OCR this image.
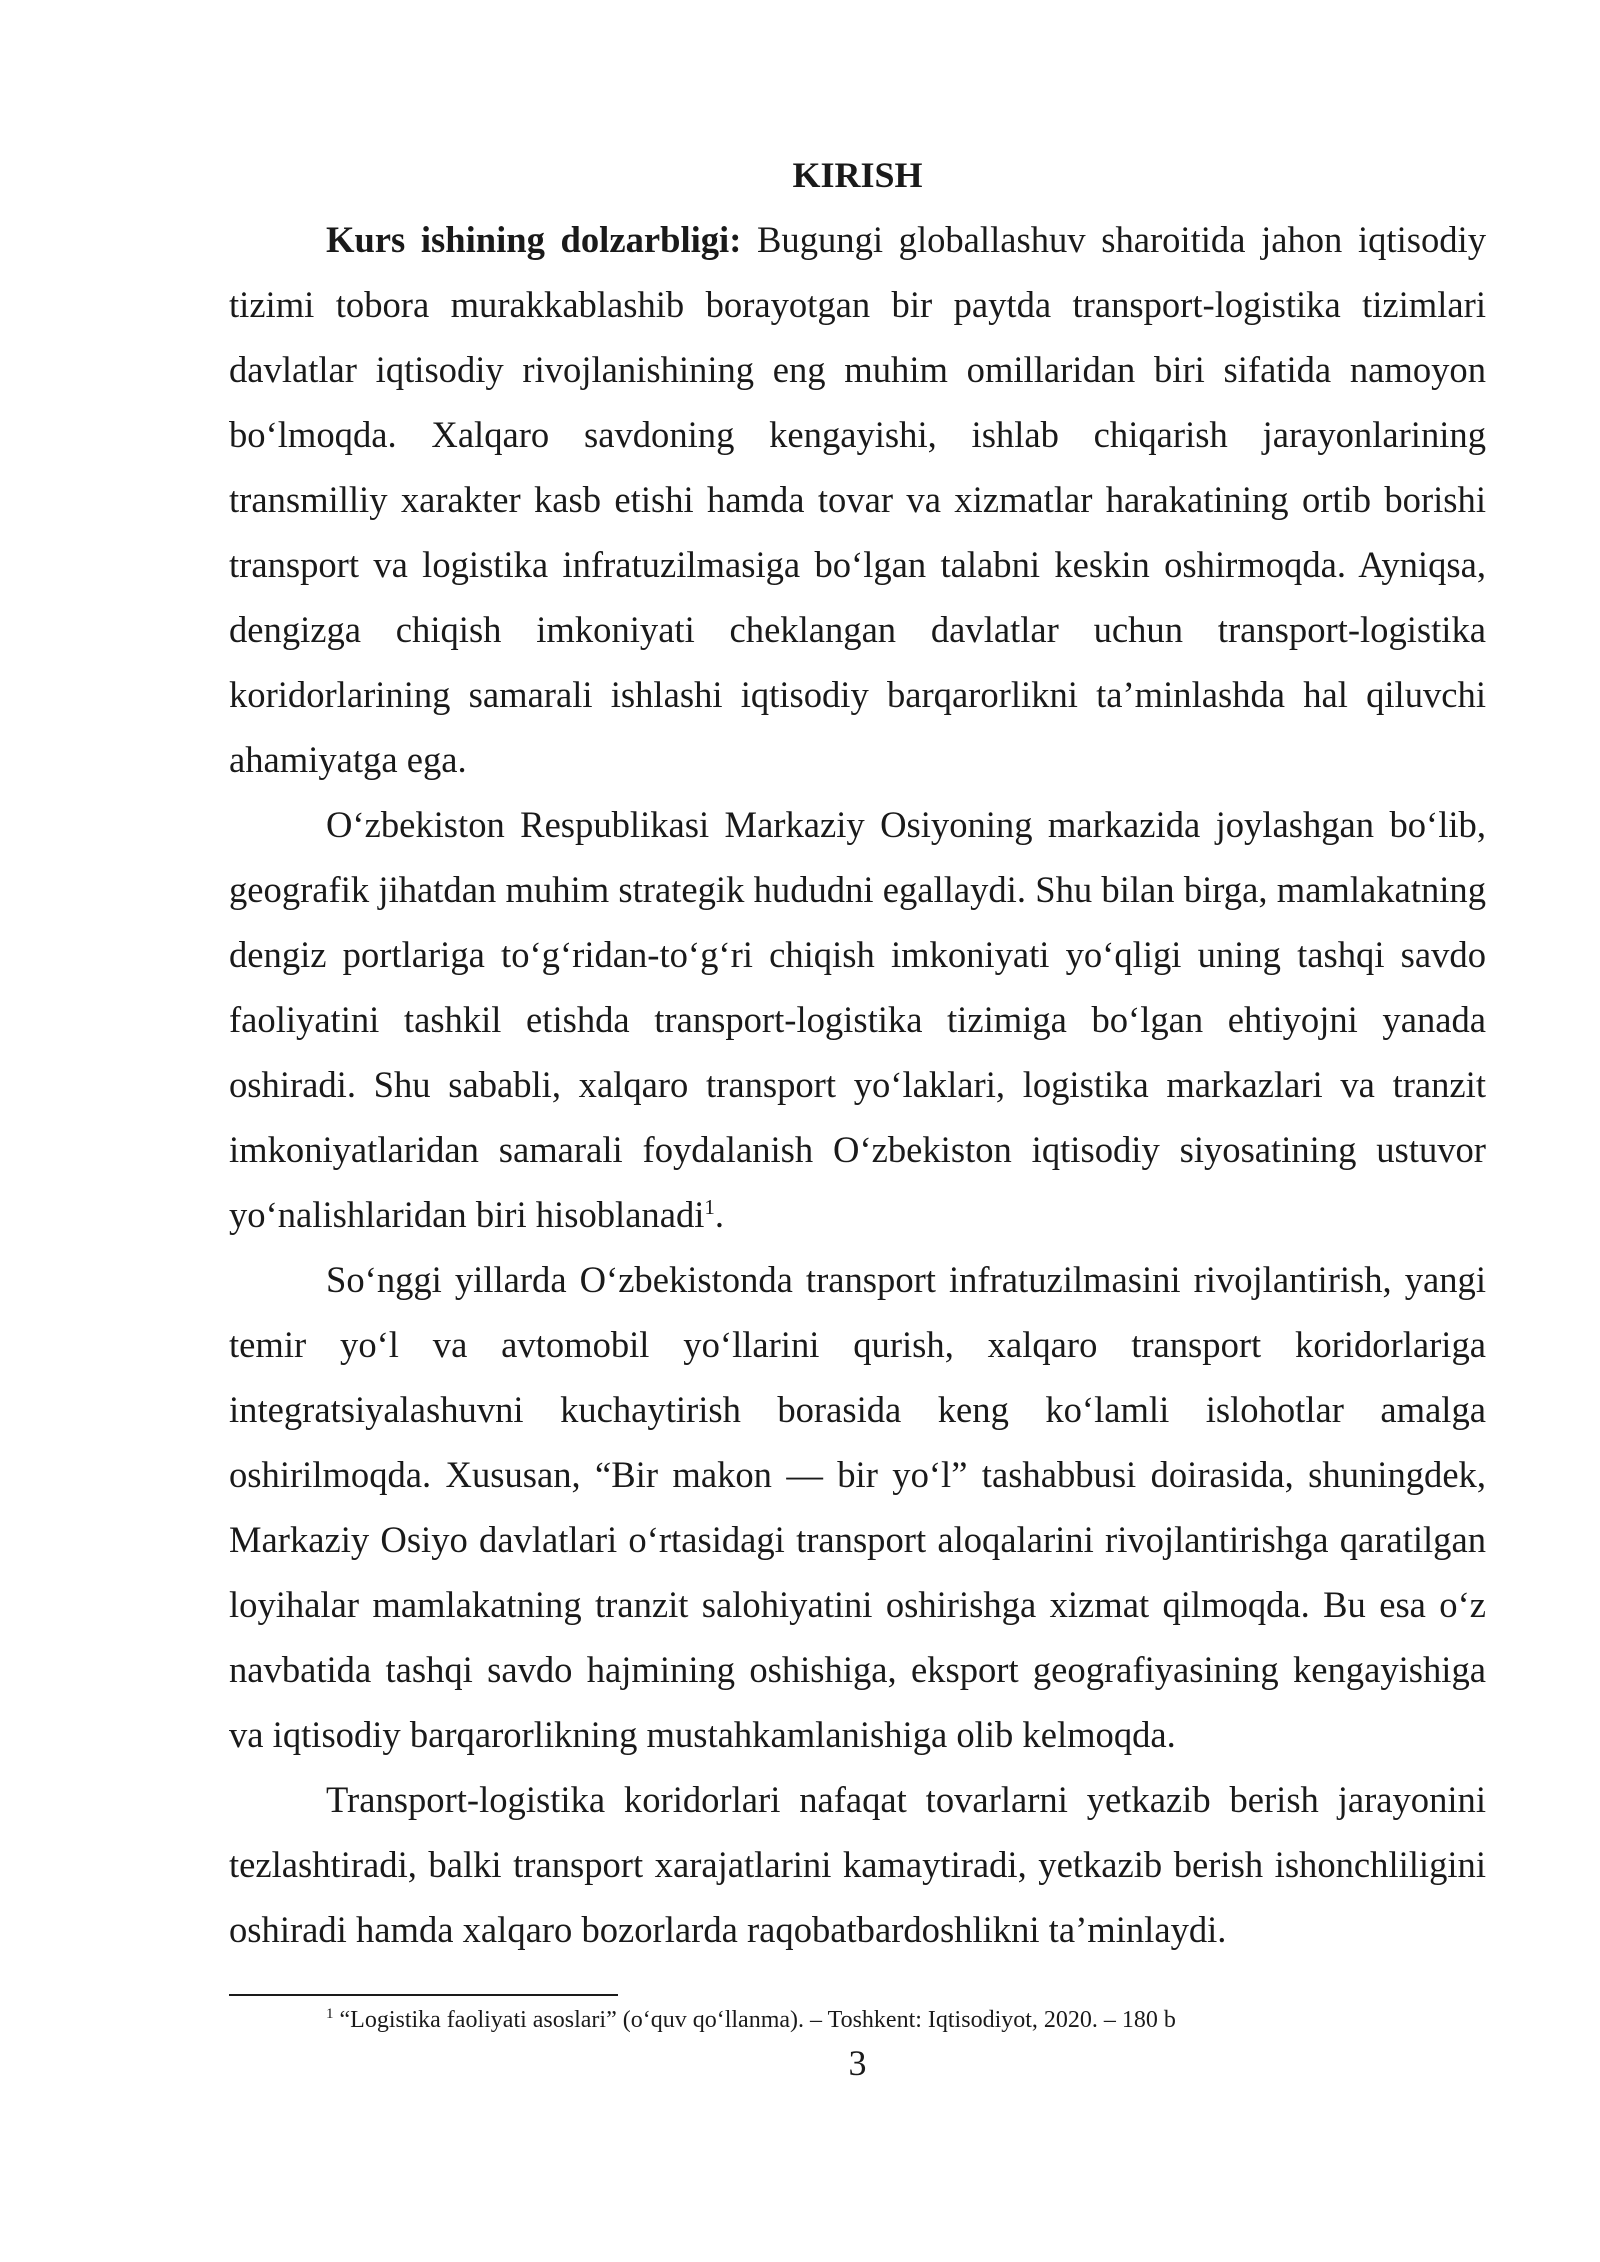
KIRISH

Kurs ishining dolzarbligi: Bugungi globallashuv sharoitida jahon iqtisodiy tizimi tobora murakkablashib borayotgan bir paytda transport-logistika tizimlari davlatlar iqtisodiy rivojlanishining eng muhim omillaridan biri sifatida namoyon boʻlmoqda. Xalqaro savdoning kengayishi, ishlab chiqarish jarayonlarining transmilliy xarakter kasb etishi hamda tovar va xizmatlar harakatining ortib borishi transport va logistika infratuzilmasiga boʻlgan talabni keskin oshirmoqda. Ayniqsa, dengizga chiqish imkoniyati cheklangan davlatlar uchun transport-logistika koridorlarining samarali ishlashi iqtisodiy barqarorlikni taʼminlashda hal qiluvchi ahamiyatga ega.

Oʻzbekiston Respublikasi Markaziy Osiyoning markazida joylashgan boʻlib, geografik jihatdan muhim strategik hududni egallaydi. Shu bilan birga, mamlakatning dengiz portlariga toʻgʻridan-toʻgʻri chiqish imkoniyati yoʻqligi uning tashqi savdo faoliyatini tashkil etishda transport-logistika tizimiga boʻlgan ehtiyojni yanada oshiradi. Shu sababli, xalqaro transport yoʻlaklari, logistika markazlari va tranzit imkoniyatlaridan samarali foydalanish Oʻzbekiston iqtisodiy siyosatining ustuvor yoʻnalishlaridan biri hisoblanadi$^1$.

Soʻnggi yillarda Oʻzbekistonda transport infratuzilmasini rivojlantirish, yangi temir yoʻl va avtomobil yoʻllarini qurish, xalqaro transport koridorlariga integratsiyalashuvni kuchaytirish borasida keng koʻlamli islohotlar amalga oshirilmoqda. Xususan, “Bir makon — bir yoʻl” tashabbusi doirasida, shuningdek, Markaziy Osiyo davlatlari oʻrtasidagi transport aloqalarini rivojlantirishga qaratilgan loyihalar mamlakatning tranzit salohiyatini oshirishga xizmat qilmoqda. Bu esa oʻz navbatida tashqi savdo hajmining oshishiga, eksport geografiyasining kengayishiga va iqtisodiy barqarorlikning mustahkamlanishiga olib kelmoqda.

Transport-logistika koridorlari nafaqat tovarlarni yetkazib berish jarayonini tezlashtiradi, balki transport xarajatlarini kamaytiradi, yetkazib berish ishonchliligini oshiradi hamda xalqaro bozorlarda raqobatbardoshlikni taʼminlaydi.

$^1$ “Logistika faoliyati asoslari” (oʻquv qoʻllanma). – Toshkent: Iqtisodiyot, 2020. – 180 b
3
